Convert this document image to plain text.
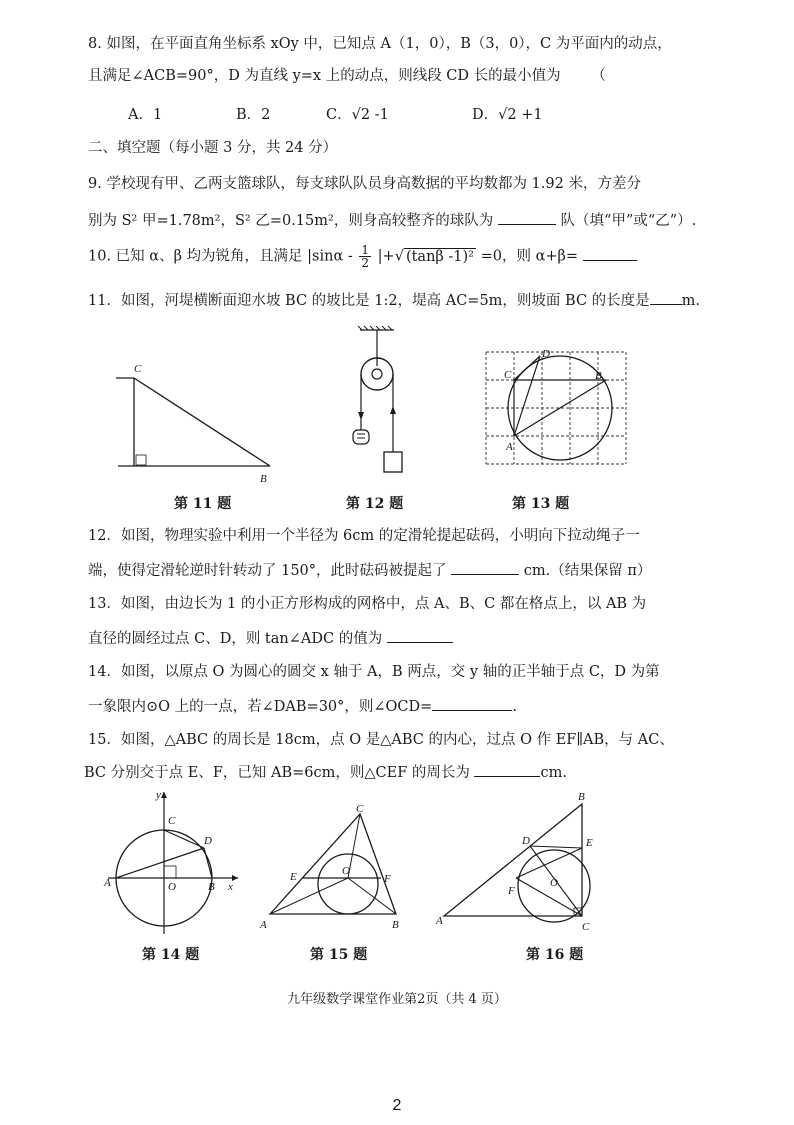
8. 如图，在平面直角坐标系 xOy 中，已知点 A（1，0），B（3，0），C 为平面内的动点，
且满足∠ACB=90°，D 为直线 y=x 上的动点，则线段 CD 长的最小值为 （
A．1	B．2	C．√2 -1	D．√2 +1
二、填空题（每小题 3 分，共 24 分）
9. 学校现有甲、乙两支篮球队，每支球队队员身高数据的平均数都为 1.92 米，方差分
别为 S² 甲=1.78m²，S² 乙=0.15m²，则身高较整齐的球队为	队（填“甲”或“乙”）.
10. 已知 α、β 均为锐角，且满足 $|\sin\alpha - \frac{1}{2}$ |+√ (tanβ -1)² =0，则 α+β=
11．如图，河堤横断面迎水坡 BC 的坡比是 1:2，堤高 AC=5m，则坡面 BC 的长度是 m.
C
B
第 11 题	第 12 题
D
C	B
A
第 13 题
12．如图，物理实验中利用一个半径为 6cm 的定滑轮提起砝码，小明向下拉动绳子一
端，使得定滑轮逆时针转动了 150°，此时砝码被提起了	cm.（结果保留 π）
13．如图，由边长为 1 的小正方形构成的网格中，点 A、B、C 都在格点上，以 AB 为
直径的圆经过点 C、D，则 tan∠ADC 的值为
14．如图，以原点 O 为圆心的圆交 x 轴于 A，B 两点，交 y 轴的正半轴于点 C，D 为第
一象限内⊙O 上的一点，若∠DAB=30°，则∠OCD=	.
15．如图，△ABC 的周长是 18cm，点 O 是△ABC 的内心，过点 O 作 EF∥AB，与 AC、
BC 分别交于点 E、F，已知 AB=6cm，则△CEF 的周长为	cm.
y
C
D
A	O	B x
第 14 题
C
E	F
O
A	B
第 15 题
B
D	E
F
O
A	C
第 16 题
九年级数学课堂作业第2页（共 4 页）
2
